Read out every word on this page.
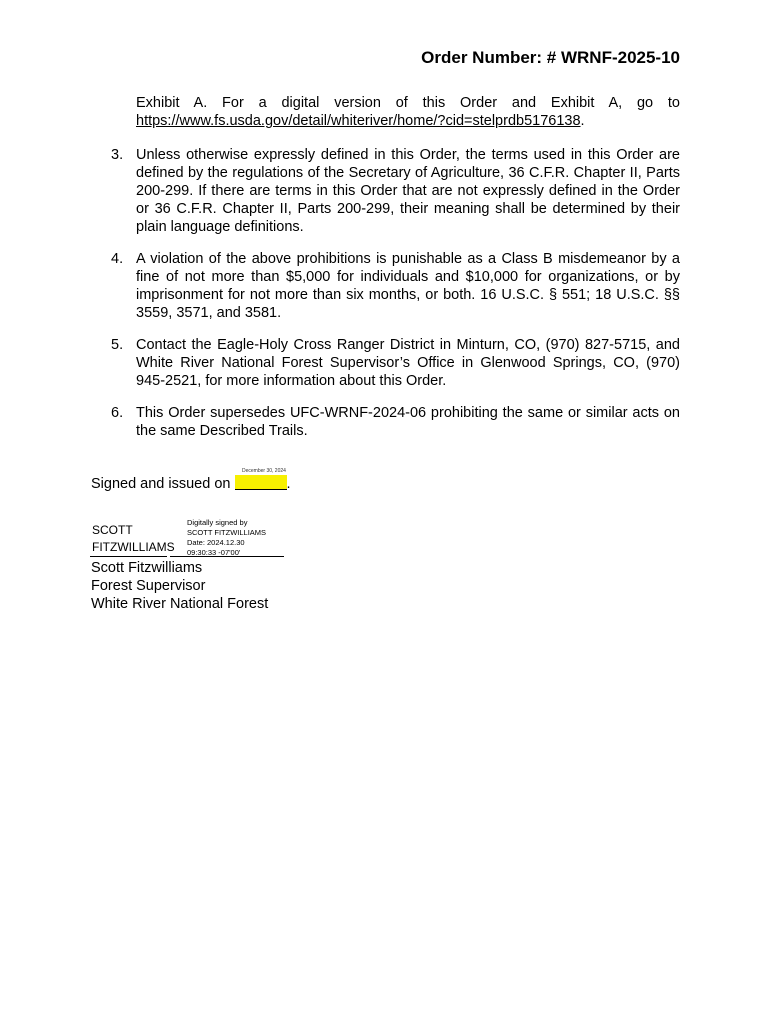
Order Number: # WRNF-2025-10
Exhibit A. For a digital version of this Order and Exhibit A, go to https://www.fs.usda.gov/detail/whiteriver/home/?cid=stelprdb5176138.
3. Unless otherwise expressly defined in this Order, the terms used in this Order are defined by the regulations of the Secretary of Agriculture, 36 C.F.R. Chapter II, Parts 200-299. If there are terms in this Order that are not expressly defined in the Order or 36 C.F.R. Chapter II, Parts 200-299, their meaning shall be determined by their plain language definitions.
4. A violation of the above prohibitions is punishable as a Class B misdemeanor by a fine of not more than $5,000 for individuals and $10,000 for organizations, or by imprisonment for not more than six months, or both. 16 U.S.C. § 551; 18 U.S.C. §§ 3559, 3571, and 3581.
5. Contact the Eagle-Holy Cross Ranger District in Minturn, CO, (970) 827-5715, and White River National Forest Supervisor’s Office in Glenwood Springs, CO, (970) 945-2521, for more information about this Order.
6. This Order supersedes UFC-WRNF-2024-06 prohibiting the same or similar acts on the same Described Trails.
December 30, 2024
Signed and issued on	.
SCOTT
FITZWILLIAMS
Digitally signed by
SCOTT FITZWILLIAMS
Date: 2024.12.30
09:30:33 -07'00'
Scott Fitzwilliams
Forest Supervisor
White River National Forest
